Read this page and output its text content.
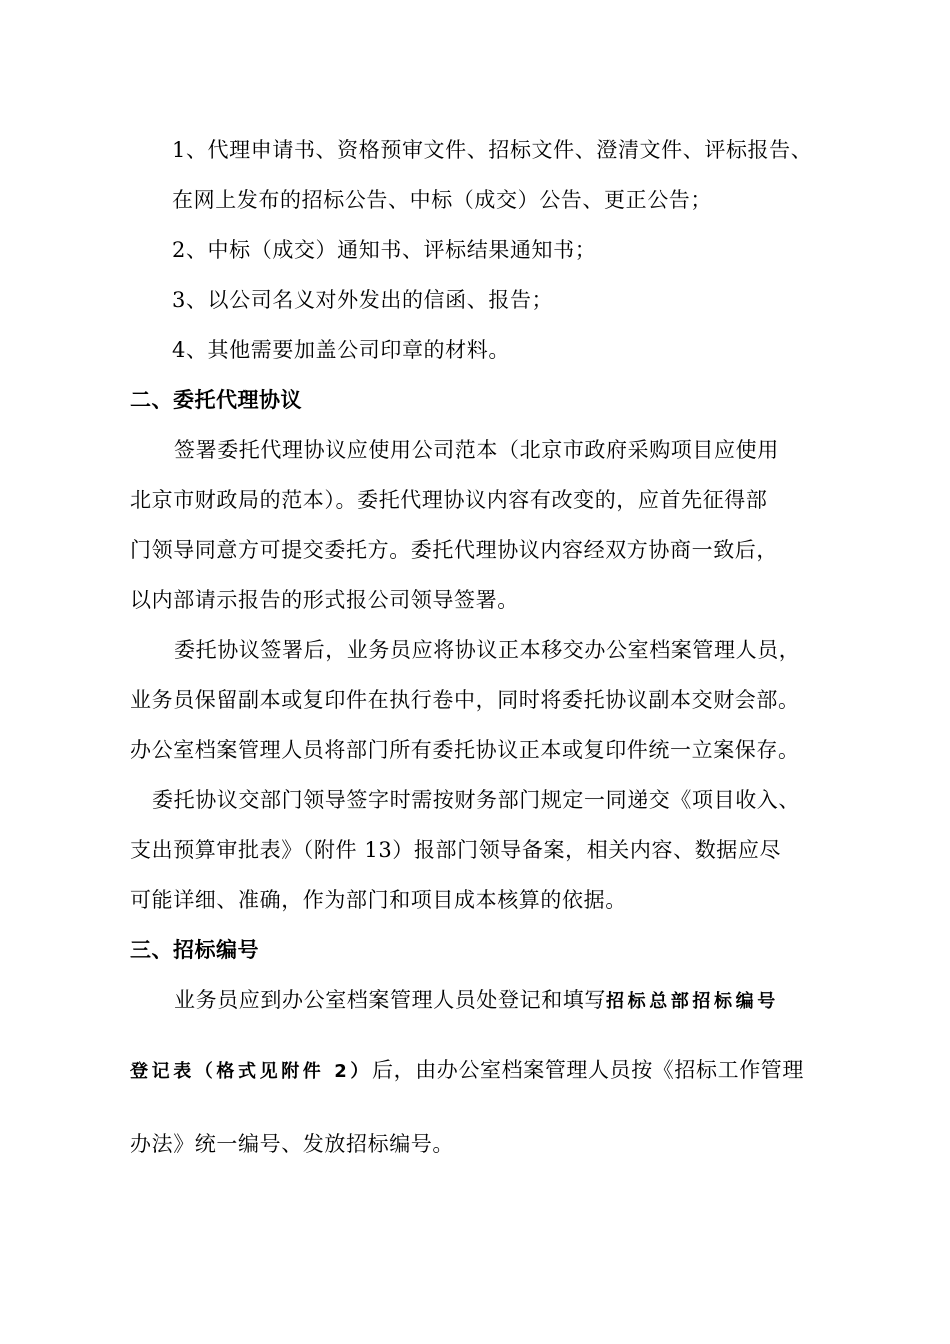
1、代理申请书、资格预审文件、招标文件、澄清文件、评标报告、
在网上发布的招标公告、中标（成交）公告、更正公告；
2、中标（成交）通知书、评标结果通知书；
3、以公司名义对外发出的信函、报告；
4、其他需要加盖公司印章的材料。
二、委托代理协议
签署委托代理协议应使用公司范本（北京市政府采购项目应使用
北京市财政局的范本）。委托代理协议内容有改变的，应首先征得部
门领导同意方可提交委托方。委托代理协议内容经双方协商一致后，
以内部请示报告的形式报公司领导签署。
委托协议签署后，业务员应将协议正本移交办公室档案管理人员，
业务员保留副本或复印件在执行卷中，同时将委托协议副本交财会部。
办公室档案管理人员将部门所有委托协议正本或复印件统一立案保存。
委托协议交部门领导签字时需按财务部门规定一同递交《项目收入、
支出预算审批表》（附件 13）报部门领导备案，相关内容、数据应尽
可能详细、准确，作为部门和项目成本核算的依据。
三、招标编号
业务员应到办公室档案管理人员处登记和填写招标总部招标编号
登记表（格式见附件 2）后，由办公室档案管理人员按《招标工作管理
办法》统一编号、发放招标编号。
